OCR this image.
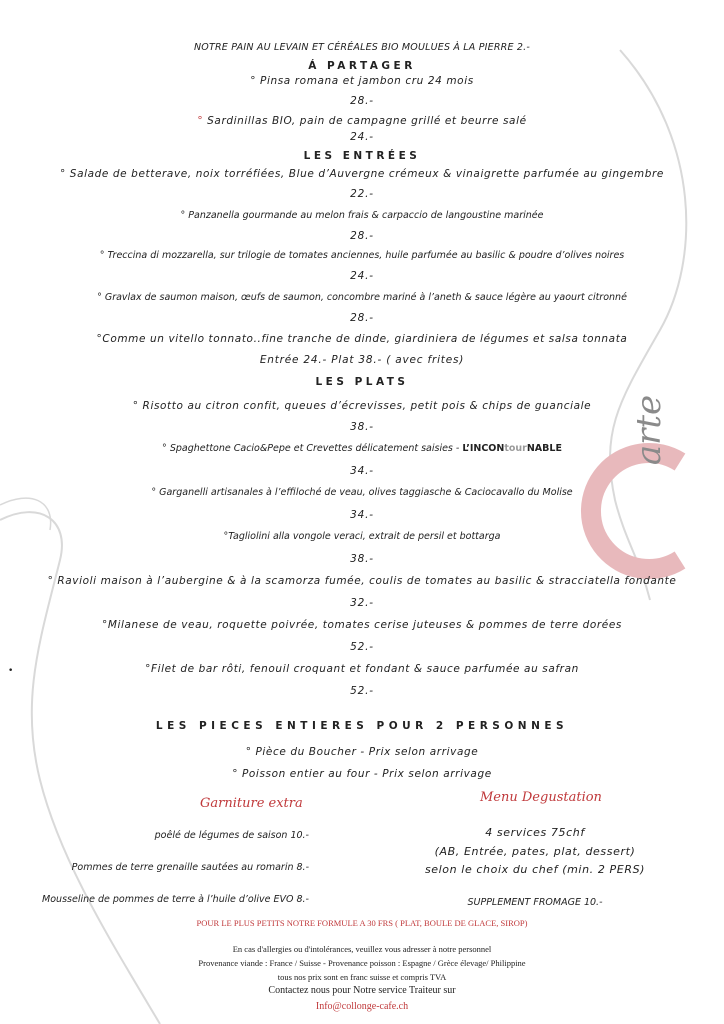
arte
NOTRE PAIN AU LEVAIN ET CÉRÉALES BIO MOULUES À LA PIERRE 2.-
Á PARTAGER
° Pinsa romana et jambon cru 24 mois
28.-
° Sardinillas BIO, pain de campagne grillé et beurre salé
24.-
LES ENTRÉES
° Salade de betterave, noix torréfiées, Blue d’Auvergne crémeux & vinaigrette parfumée au gingembre
22.-
° Panzanella gourmande au melon frais & carpaccio de langoustine marinée
28.-
° Treccina di mozzarella, sur trilogie de tomates anciennes, huile parfumée au basilic & poudre d’olives noires
24.-
° Gravlax de saumon maison, œufs de saumon, concombre mariné à l’aneth & sauce légère au yaourt citronné
28.-
°Comme un vitello tonnato..fine tranche de dinde, giardiniera de légumes et salsa tonnata
Entrée 24.- Plat 38.- ( avec frites)
LES PLATS
° Risotto au citron confit, queues d’écrevisses, petit pois & chips de guanciale
38.-
° Spaghettone Cacio&Pepe et Crevettes délicatement saisies - L’INCONtourNABLE
34.-
° Garganelli artisanales à l’effiloché de veau, olives taggiasche & Caciocavallo du Molise
34.-
°Tagliolini alla vongole veraci, extrait de persil et bottarga
38.-
° Ravioli maison à l’aubergine & à la scamorza fumée, coulis de tomates au basilic & stracciatella fondante
32.-
°Milanese de veau, roquette poivrée, tomates cerise juteuses & pommes de terre dorées
52.-
•	°Filet de bar rôti, fenouil croquant et fondant & sauce parfumée au safran
52.-
LES PIECES ENTIERES POUR 2 PERSONNES
° Pièce du Boucher - Prix selon arrivage
° Poisson entier au four - Prix selon arrivage
Garniture extra
poêlé de légumes de saison 10.-
Pommes de terre grenaille sautées au romarin 8.-
Mousseline de pommes de terre à l’huile d’olive EVO 8.-
Menu Degustation
4 services 75chf
(AB, Entrée, pates, plat, dessert)
selon le choix du chef (min. 2 PERS)
SUPPLEMENT FROMAGE 10.-
POUR LE PLUS PETITS NOTRE FORMULE A 30 FRS ( PLAT, BOULE DE GLACE, SIROP)
En cas d'allergies ou d'intolérances, veuillez vous adresser à notre personnel
Provenance viande : France / Suisse - Provenance poisson : Espagne / Grèce élevage/ Philippine
tous nos prix sont en franc suisse et compris TVA
Contactez nous pour Notre service Traiteur sur
Info@collonge-cafe.ch
